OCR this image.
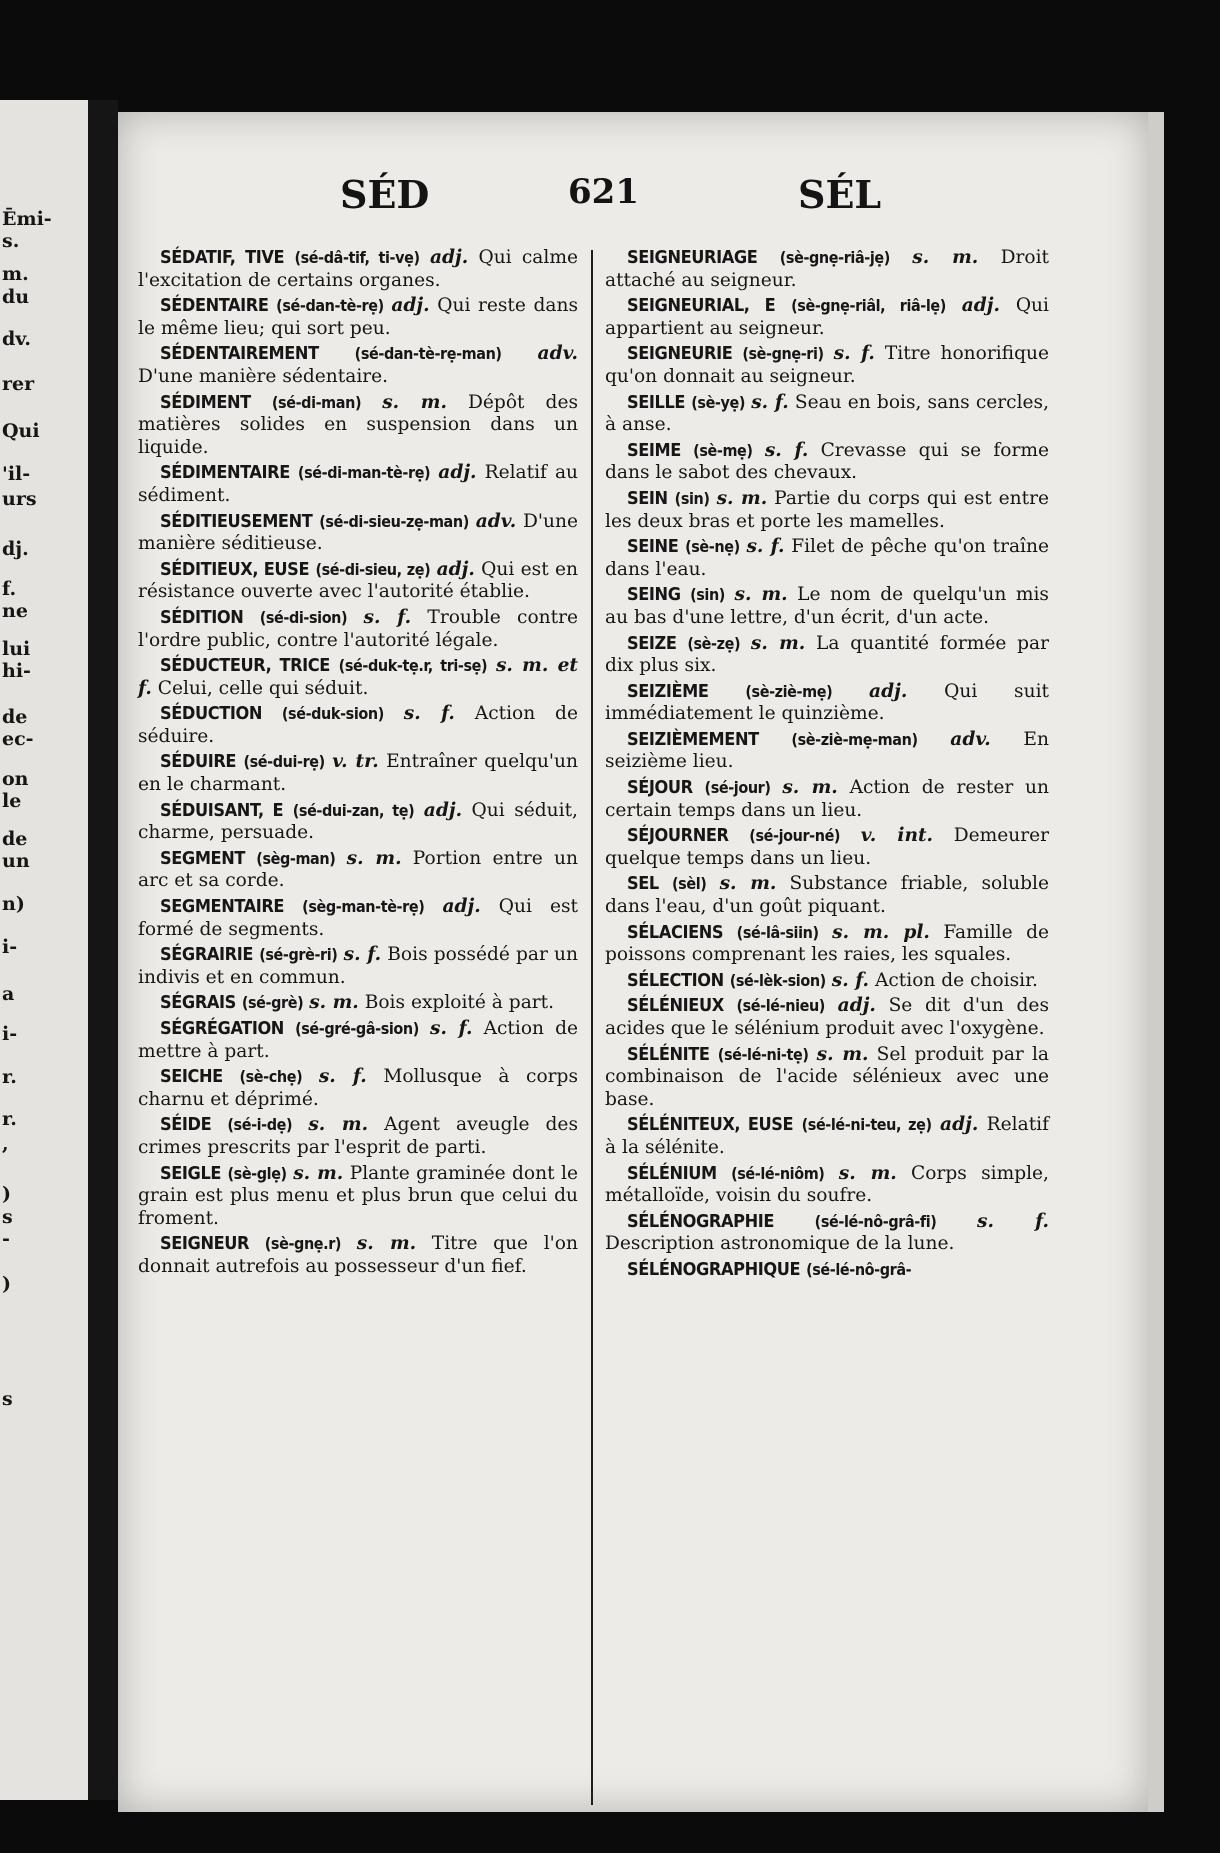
Ēmi-
s.
m.
du
dv.
rer
Qui
'il-
urs
dj.
f.
ne
lui
hi-
de
ec-
on
le
de
un
n)
i-
a
i-
r.
r.
,
)
s
-
)
s
SÉD	621	SÉL

SÉDATIF, TIVE (sé-dâ-tif, ti-vẹ) adj. Qui calme l'excitation de certains organes.

SÉDENTAIRE (sé-dan-tè-rẹ) adj. Qui reste dans le même lieu; qui sort peu.

SÉDENTAIREMENT (sé-dan-tè-rẹ-man) adv. D'une manière sédentaire.

SÉDIMENT (sé-di-man) s. m. Dépôt des matières solides en suspension dans un liquide.

SÉDIMENTAIRE (sé-di-man-tè-rẹ) adj. Relatif au sédiment.

SÉDITIEUSEMENT (sé-di-sieu-zẹ-man) adv. D'une manière séditieuse.

SÉDITIEUX, EUSE (sé-di-sieu, zẹ) adj. Qui est en résistance ouverte avec l'autorité établie.

SÉDITION (sé-di-sion) s. f. Trouble contre l'ordre public, contre l'autorité légale.

SÉDUCTEUR, TRICE (sé-duk-tẹ.r, tri-sẹ) s. m. et f. Celui, celle qui séduit.

SÉDUCTION (sé-duk-sion) s. f. Action de séduire.

SÉDUIRE (sé-dui-rẹ) v. tr. Entraîner quelqu'un en le charmant.

SÉDUISANT, E (sé-dui-zan, tẹ) adj. Qui séduit, charme, persuade.

SEGMENT (sèg-man) s. m. Portion entre un arc et sa corde.

SEGMENTAIRE (sèg-man-tè-rẹ) adj. Qui est formé de segments.

SÉGRAIRIE (sé-grè-ri) s. f. Bois possédé par un indivis et en commun.

SÉGRAIS (sé-grè) s. m. Bois exploité à part.

SÉGRÉGATION (sé-gré-gâ-sion) s. f. Action de mettre à part.

SEICHE (sè-chẹ) s. f. Mollusque à corps charnu et déprimé.

SÉIDE (sé-i-dẹ) s. m. Agent aveugle des crimes prescrits par l'esprit de parti.

SEIGLE (sè-glẹ) s. m. Plante graminée dont le grain est plus menu et plus brun que celui du froment.

SEIGNEUR (sè-gnẹ.r) s. m. Titre que l'on donnait autrefois au possesseur d'un fief.

SEIGNEURIAGE (sè-gnẹ-riâ-jẹ) s. m. Droit attaché au seigneur.

SEIGNEURIAL, E (sè-gnẹ-riâl, riâ-lẹ) adj. Qui appartient au seigneur.

SEIGNEURIE (sè-gnẹ-ri) s. f. Titre honorifique qu'on donnait au seigneur.

SEILLE (sè-yẹ) s. f. Seau en bois, sans cercles, à anse.

SEIME (sè-mẹ) s. f. Crevasse qui se forme dans le sabot des chevaux.

SEIN (sin) s. m. Partie du corps qui est entre les deux bras et porte les mamelles.

SEINE (sè-nẹ) s. f. Filet de pêche qu'on traîne dans l'eau.

SEING (sin) s. m. Le nom de quelqu'un mis au bas d'une lettre, d'un écrit, d'un acte.

SEIZE (sè-zẹ) s. m. La quantité formée par dix plus six.

SEIZIÈME (sè-ziè-mẹ) adj. Qui suit immédiatement le quinzième.

SEIZIÈMEMENT (sè-ziè-mẹ-man) adv. En seizième lieu.

SÉJOUR (sé-jour) s. m. Action de rester un certain temps dans un lieu.

SÉJOURNER (sé-jour-né) v. int. Demeurer quelque temps dans un lieu.

SEL (sèl) s. m. Substance friable, soluble dans l'eau, d'un goût piquant.

SÉLACIENS (sé-lâ-siin) s. m. pl. Famille de poissons comprenant les raies, les squales.

SÉLECTION (sé-lèk-sion) s. f. Action de choisir.

SÉLÉNIEUX (sé-lé-nieu) adj. Se dit d'un des acides que le sélénium produit avec l'oxygène.

SÉLÉNITE (sé-lé-ni-tẹ) s. m. Sel produit par la combinaison de l'acide sélénieux avec une base.

SÉLÉNITEUX, EUSE (sé-lé-ni-teu, zẹ) adj. Relatif à la sélénite.

SÉLÉNIUM (sé-lé-niôm) s. m. Corps simple, métalloïde, voisin du soufre.

SÉLÉNOGRAPHIE	(sé-lé-nô-grâ-fi) s. f. Description astronomique de la lune.

SÉLÉNOGRAPHIQUE (sé-lé-nô-grâ-
